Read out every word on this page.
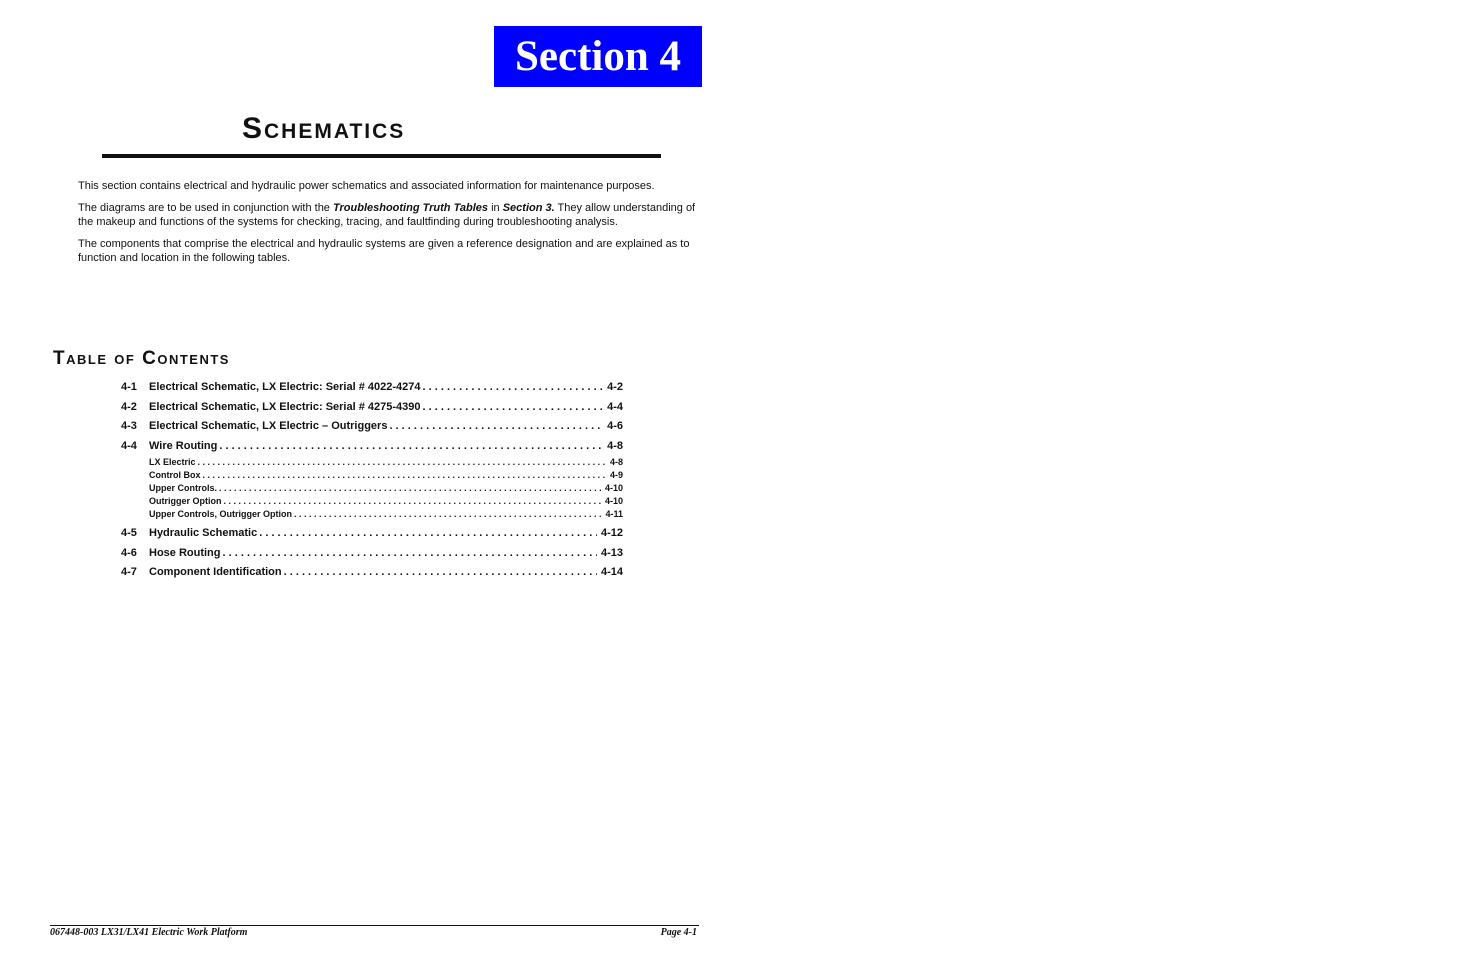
Section 4
Schematics

This section contains electrical and hydraulic power schematics and associated information for maintenance purposes.

The diagrams are to be used in conjunction with the Troubleshooting Truth Tables in Section 3. They allow understanding of the makeup and functions of the systems for checking, tracing, and faultfinding during troubleshooting analysis.

The components that comprise the electrical and hydraulic systems are given a reference designation and are explained as to function and location in the following tables.

Table of Contents
4-1	Electrical Schematic, LX Electric: Serial # 4022-4274 . . .	4-2
4-2	Electrical Schematic, LX Electric: Serial # 4275-4390 . . .	4-4
4-3	Electrical Schematic, LX Electric – Outriggers . . .	4-6
4-4	Wire Routing . . .	4-8
LX Electric . . .	4-8
Control Box . . .	4-9
Upper Controls. . . .	4-10
Outrigger Option . . .	4-10
Upper Controls, Outrigger Option . . .	4-11
4-5	Hydraulic Schematic . . .	4-12
4-6	Hose Routing . . .	4-13
4-7	Component Identification . . .	4-14
067448-003 LX31/LX41 Electric Work Platform	Page 4-1
